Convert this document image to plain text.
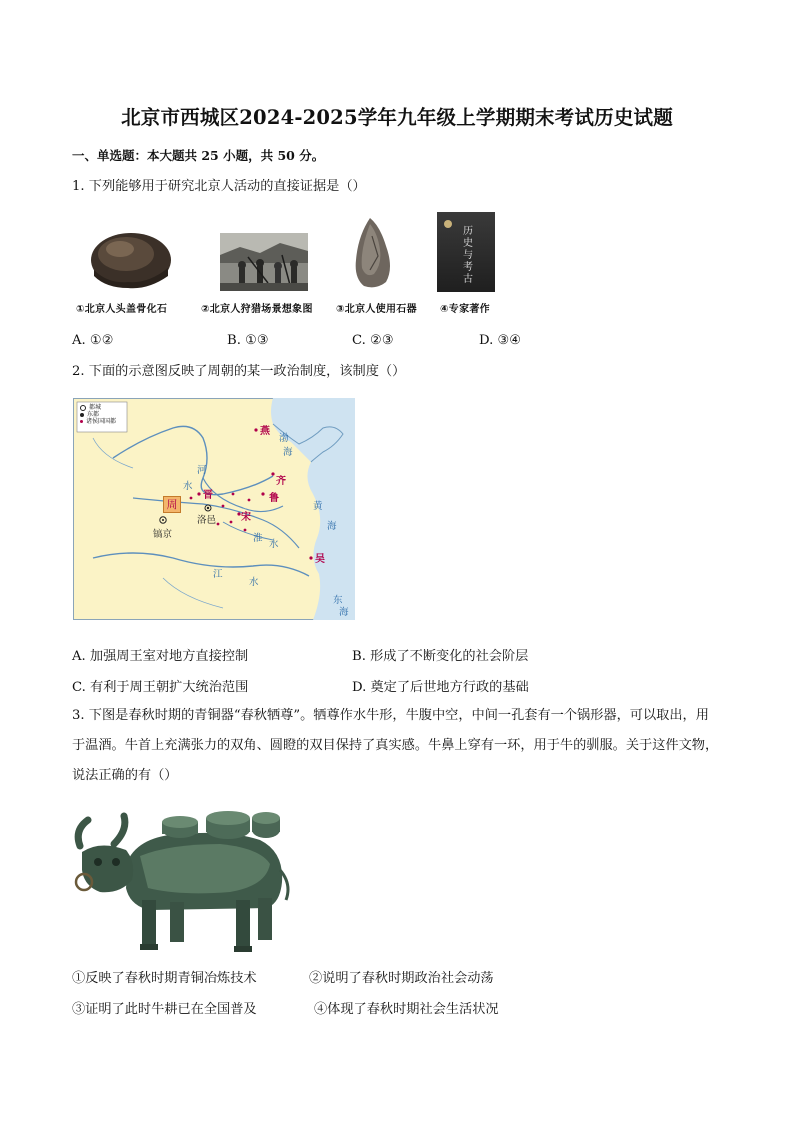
北京市西城区2024-2025学年九年级上学期期末考试历史试题
一、单选题：本大题共 25 小题，共 50 分。
1. 下列能够用于研究北京人活动的直接证据是（）
①北京人头盖骨化石	②北京人狩猎场景想象图 ③北京人使用石器
历
史
与
考
古
④专家著作
A. ①②	B. ①③	C. ②③	D. ③④
2. 下面的示意图反映了周朝的某一政治制度，该制度（）
都城
东都
诸侯国国都
周
镐京
洛邑
燕
晋
齐
鲁
宋
吴
渤
海
河
水
黄
海
淮
水
江
水
东
海
A. 加强周王室对地方直接控制	B. 形成了不断变化的社会阶层
C. 有利于周王朝扩大统治范围	D. 奠定了后世地方行政的基础
3. 下图是春秋时期的青铜器“春秋牺尊”。牺尊作水牛形，牛腹中空，中间一孔套有一个锅形器，可以取出，用于温酒。牛首上充满张力的双角、圆瞪的双目保持了真实感。牛鼻上穿有一环，用于牛的驯服。关于这件文物，说法正确的有（）
①反映了春秋时期青铜冶炼技术	②说明了春秋时期政治社会动荡
③证明了此时牛耕已在全国普及	④体现了春秋时期社会生活状况
